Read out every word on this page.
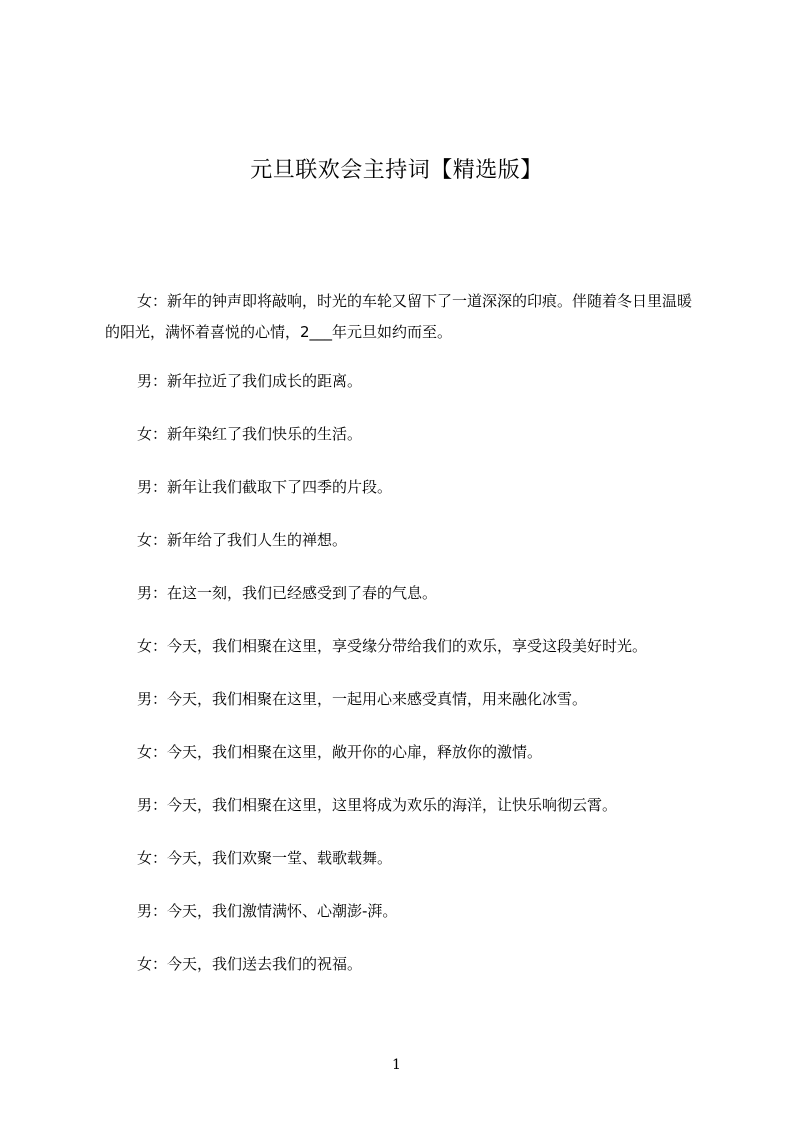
元旦联欢会主持词【精选版】

女：新年的钟声即将敲响，时光的车轮又留下了一道深深的印痕。伴随着冬日里温暖的阳光，满怀着喜悦的心情，2___年元旦如约而至。

男：新年拉近了我们成长的距离。

女：新年染红了我们快乐的生活。

男：新年让我们截取下了四季的片段。

女：新年给了我们人生的禅想。

男：在这一刻，我们已经感受到了春的气息。

女：今天，我们相聚在这里，享受缘分带给我们的欢乐，享受这段美好时光。

男：今天，我们相聚在这里，一起用心来感受真情，用来融化冰雪。

女：今天，我们相聚在这里，敞开你的心扉，释放你的激情。

男：今天，我们相聚在这里，这里将成为欢乐的海洋，让快乐响彻云霄。

女：今天，我们欢聚一堂、载歌载舞。

男：今天，我们激情满怀、心潮澎-湃。

女：今天，我们送去我们的祝福。

1
